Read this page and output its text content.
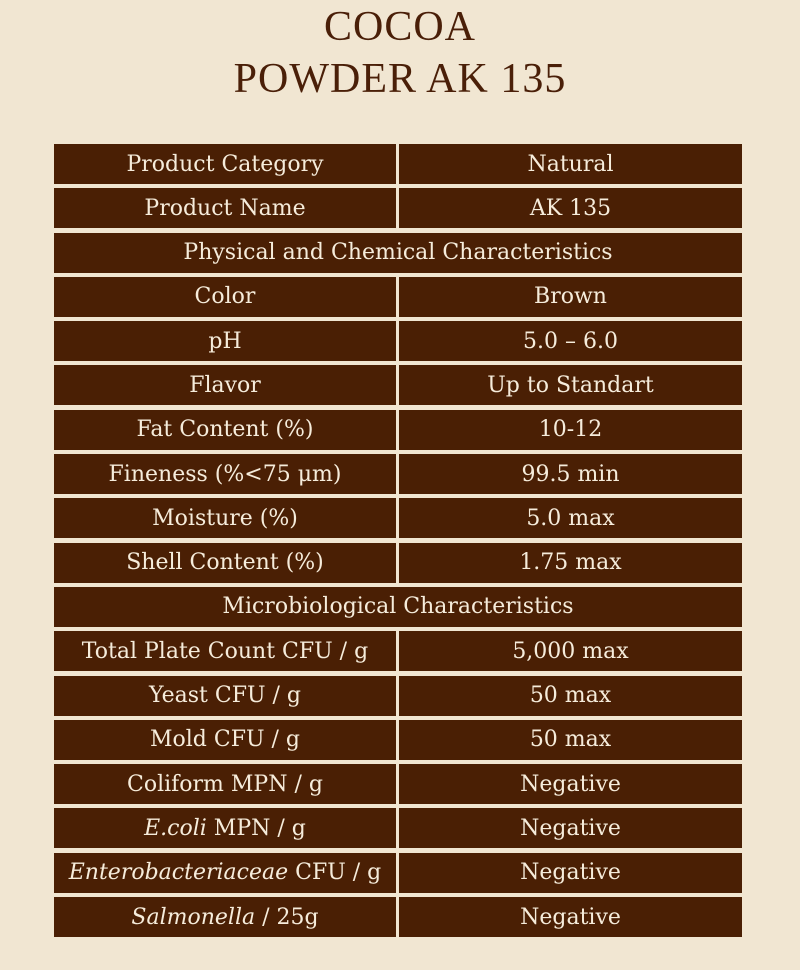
COCOA
POWDER AK 135
Product Category	Natural
Product Name	AK 135
Physical and Chemical Characteristics
Color	Brown
pH	5.0 – 6.0
Flavor	Up to Standart
Fat Content (%)	10-12
Fineness (%<75 μm)	99.5 min
Moisture (%)	5.0 max
Shell Content (%)	1.75 max
Microbiological Characteristics
Total Plate Count CFU / g	5,000 max
Yeast CFU / g	50 max
Mold CFU / g	50 max
Coliform MPN / g	Negative
E.coli MPN / g	Negative
Enterobacteriaceae CFU / g	Negative
Salmonella / 25g	Negative
